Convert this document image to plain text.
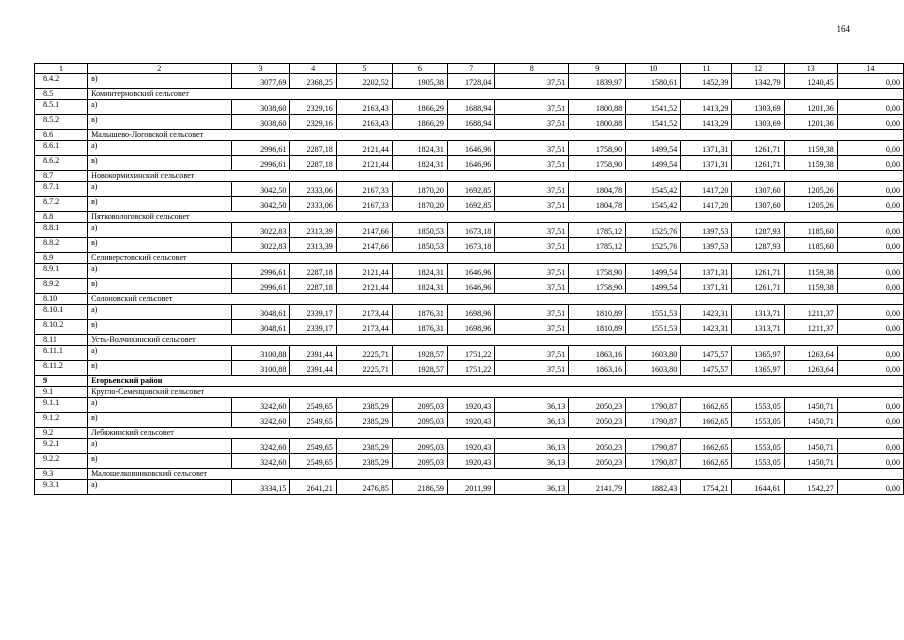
164
1	2	3	4	5	6	7	8	9	10	11	12	13	14
8.4.2	в)	3077,69	2368,25	2202,52	1905,38	1728,04	37,51	1839,97	1580,61	1452,39	1342,79	1240,45	0,00
8.5	Коминтерновский сельсовет												
8.5.1	а)	3038,60	2329,16	2163,43	1866,29	1688,94	37,51	1800,88	1541,52	1413,29	1303,69	1201,36	0,00
8.5.2	в)	3038,60	2329,16	2163,43	1866,29	1688,94	37,51	1800,88	1541,52	1413,29	1303,69	1201,36	0,00
8.6	Малышево-Логовской сельсовет												
8.6.1	а)	2996,61	2287,18	2121,44	1824,31	1646,96	37,51	1758,90	1499,54	1371,31	1261,71	1159,38	0,00
8.6.2	в)	2996,61	2287,18	2121,44	1824,31	1646,96	37,51	1758,90	1499,54	1371,31	1261,71	1159,38	0,00
8.7	Новокормихинский сельсовет												
8.7.1	а)	3042,50	2333,06	2167,33	1870,20	1692,85	37,51	1804,78	1545,42	1417,20	1307,60	1205,26	0,00
8.7.2	в)	3042,50	2333,06	2167,33	1870,20	1692,85	37,51	1804,78	1545,42	1417,20	1307,60	1205,26	0,00
8.8	Пятковологовской сельсовет												
8.8.1	а)	3022,83	2313,39	2147,66	1850,53	1673,18	37,51	1785,12	1525,76	1397,53	1287,93	1185,60	0,00
8.8.2	в)	3022,83	2313,39	2147,66	1850,53	1673,18	37,51	1785,12	1525,76	1397,53	1287,93	1185,60	0,00
8.9	Селиверстовский сельсовет												
8.9.1	а)	2996,61	2287,18	2121,44	1824,31	1646,96	37,51	1758,90	1499,54	1371,31	1261,71	1159,38	0,00
8.9.2	в)	2996,61	2287,18	2121,44	1824,31	1646,96	37,51	1758,90	1499,54	1371,31	1261,71	1159,38	0,00
8.10	Солоновский сельсовет												
8.10.1	а)	3048,61	2339,17	2173,44	1876,31	1698,96	37,51	1810,89	1551,53	1423,31	1313,71	1211,37	0,00
8.10.2	в)	3048,61	2339,17	2173,44	1876,31	1698,96	37,51	1810,89	1551,53	1423,31	1313,71	1211,37	0,00
8.11	Усть-Волчихинский сельсовет												
8.11.1	а)	3100,88	2391,44	2225,71	1928,57	1751,22	37,51	1863,16	1603,80	1475,57	1365,97	1263,64	0,00
8.11.2	в)	3100,88	2391,44	2225,71	1928,57	1751,22	37,51	1863,16	1603,80	1475,57	1365,97	1263,64	0,00
9	Егорьевский район												
9.1	Кругло-Семенцовский сельсовет												
9.1.1	а)	3242,60	2549,65	2385,29	2095,03	1920,43	36,13	2050,23	1790,87	1662,65	1553,05	1450,71	0,00
9.1.2	в)	3242,60	2549,65	2385,29	2095,03	1920,43	36,13	2050,23	1790,87	1662,65	1553,05	1450,71	0,00
9.2	Лебяжинский сельсовет												
9.2.1	а)	3242,60	2549,65	2385,29	2095,03	1920,43	36,13	2050,23	1790,87	1662,65	1553,05	1450,71	0,00
9.2.2	в)	3242,60	2549,65	2385,29	2095,03	1920,43	36,13	2050,23	1790,87	1662,65	1553,05	1450,71	0,00
9.3	Малошелковниковский сельсовет												
9.3.1	а)	3334,15	2641,21	2476,85	2186,59	2011,99	36,13	2141,79	1882,43	1754,21	1644,61	1542,27	0,00
